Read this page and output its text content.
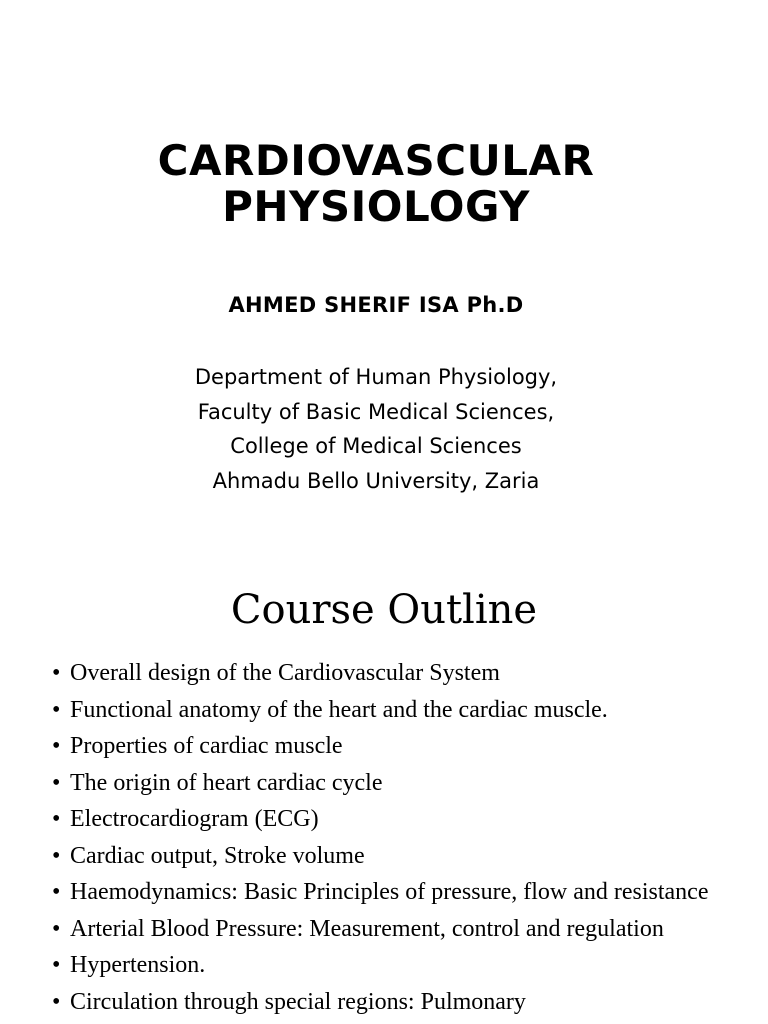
CARDIOVASCULAR
PHYSIOLOGY
AHMED SHERIF ISA Ph.D
Department of Human Physiology,
Faculty of Basic Medical Sciences,
College of Medical Sciences
Ahmadu Bello University, Zaria
Course Outline
• Overall design of the Cardiovascular System
• Functional anatomy of the heart and the cardiac muscle.
• Properties of cardiac muscle
• The origin of heart cardiac cycle
• Electrocardiogram (ECG)
• Cardiac output, Stroke volume
• Haemodynamics: Basic Principles of pressure, flow and resistance
• Arterial Blood Pressure: Measurement, control and regulation
• Hypertension.
• Circulation through special regions: Pulmonary
